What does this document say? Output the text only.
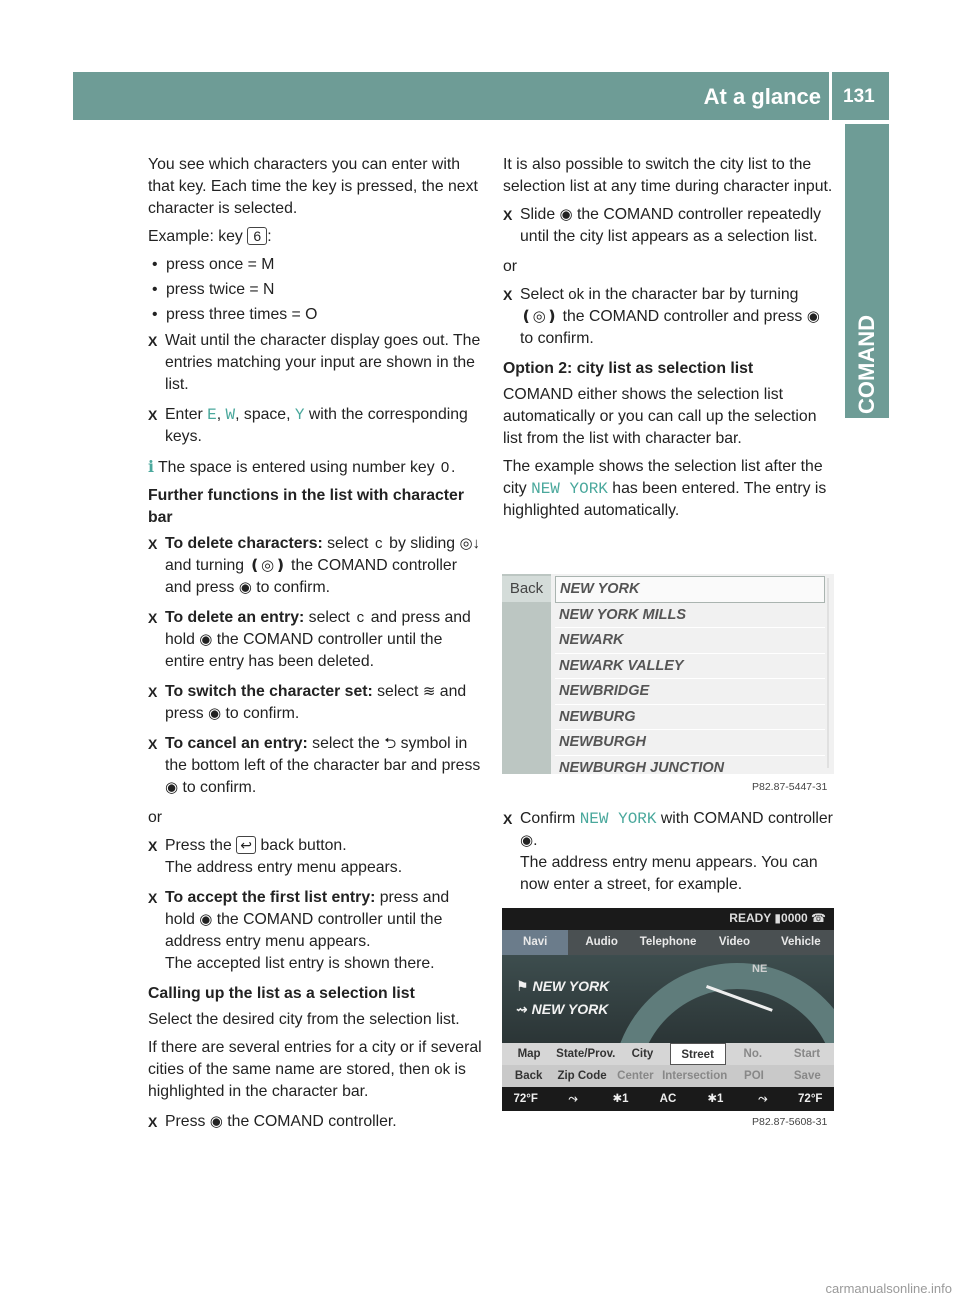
At a glance 131
COMAND

You see which characters you can enter with that key. Each time the key is pressed, the next character is selected.

Example: key 6 :

• press once = M
• press twice = N
• press three times = O
X Wait until the character display goes out. The entries matching your input are shown in the list.
X Enter E, W, space, Y with the corresponding keys.

i The space is entered using number key 0 .

Further functions in the list with character bar
X To delete characters: select c by sliding ◎↓ and turning ❪◎❫ the COMAND controller and press ◉ to confirm.
X To delete an entry: select c and press and hold ◉ the COMAND controller until the entire entry has been deleted.
X To switch the character set: select ≋ and press ◉ to confirm.
X To cancel an entry: select the ⮌ symbol in the bottom left of the character bar and press ◉ to confirm.

or

X Press the ↩ back button.
The address entry menu appears.
X To accept the first list entry: press and hold ◉ the COMAND controller until the address entry menu appears.
The accepted list entry is shown there.
Calling up the list as a selection list

Select the desired city from the selection list.

If there are several entries for a city or if several cities of the same name are stored, then ok is highlighted in the character bar.

X Press ◉ the COMAND controller.

It is also possible to switch the city list to the selection list at any time during character input.

X Slide ◉ the COMAND controller repeatedly until the city list appears as a selection list.

or

X Select ok in the character bar by turning ❪◎❫ the COMAND controller and press ◉ to confirm.
Option 2: city list as selection list

COMAND either shows the selection list automatically or you can call up the selection list from the list with character bar.

The example shows the selection list after the city NEW YORK has been entered. The entry is highlighted automatically.

Back	NEW YORK
NEW YORK MILLS
NEWARK
NEWARK VALLEY
NEWBRIDGE
NEWBURG
NEWBURGH
NEWBURGH JUNCTION
P82.87-5447-31
X Confirm NEW YORK with COMAND controller ◉.
The address entry menu appears. You can now enter a street, for example.
READY ▮0000 ☎
Navi	Audio	Telephone	Video	Vehicle
NE
⚑ NEW YORK
⇝ NEW YORK
Map	State/Prov.	City	Street	No.	Start
Back	Zip Code Center Intersection	POI	Save
72°F	⤳	✱1	AC	✱1	⤳	72°F
P82.87-5608-31
carmanualsonline.info
